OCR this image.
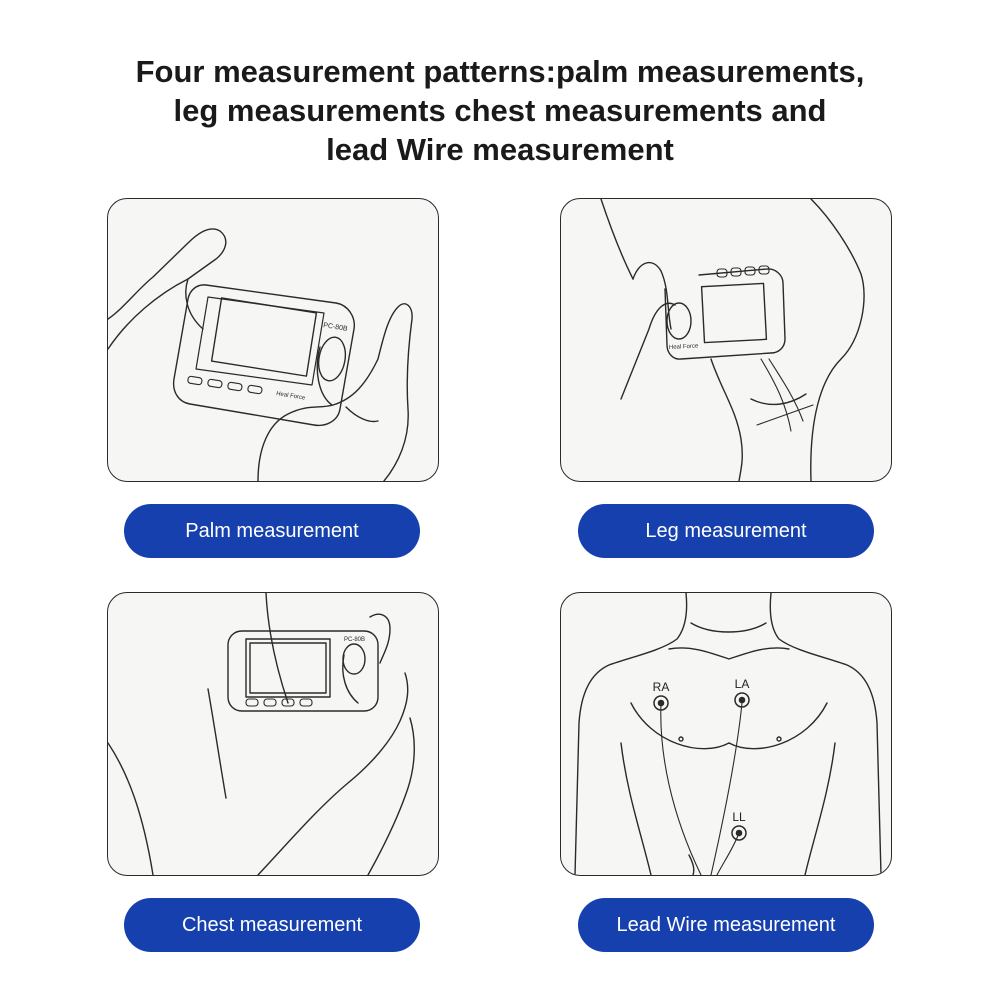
Four measurement patterns:palm measurements,
leg measurements chest measurements and
lead Wire measurement
PC-80B
Heal Force
Palm measurement
Heal Force
Leg measurement
PC-80B
Chest measurement
RA	LA
LL
Lead Wire measurement
